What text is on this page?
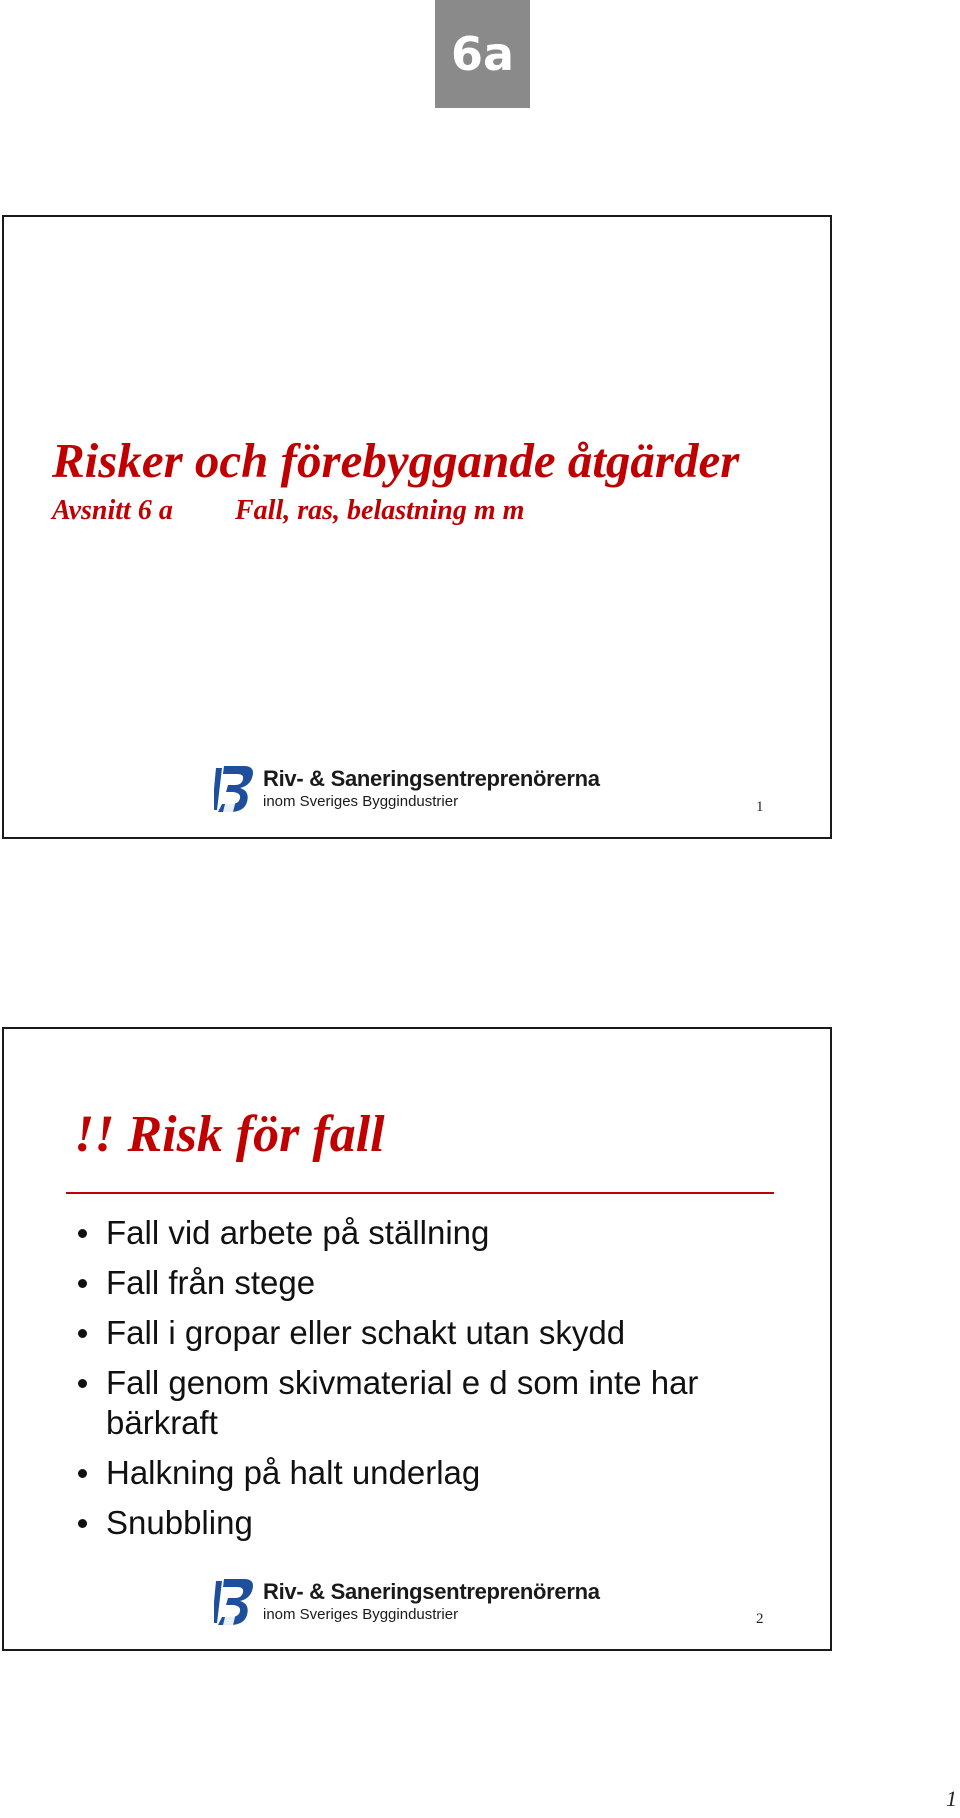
6a
Risker och förebyggande åtgärder

Avsnitt 6 a Fall, ras, belastning m m

Riv- & Saneringsentreprenörerna

inom Sveriges Byggindustrier	1

!! Risk för fall
Fall vid arbete på ställning
Fall från stege
Fall i gropar eller schakt utan skydd
Fall genom skivmaterial e d som inte har bärkraft
Halkning på halt underlag
Snubbling

Riv- & Saneringsentreprenörerna

inom Sveriges Byggindustrier	2

1
